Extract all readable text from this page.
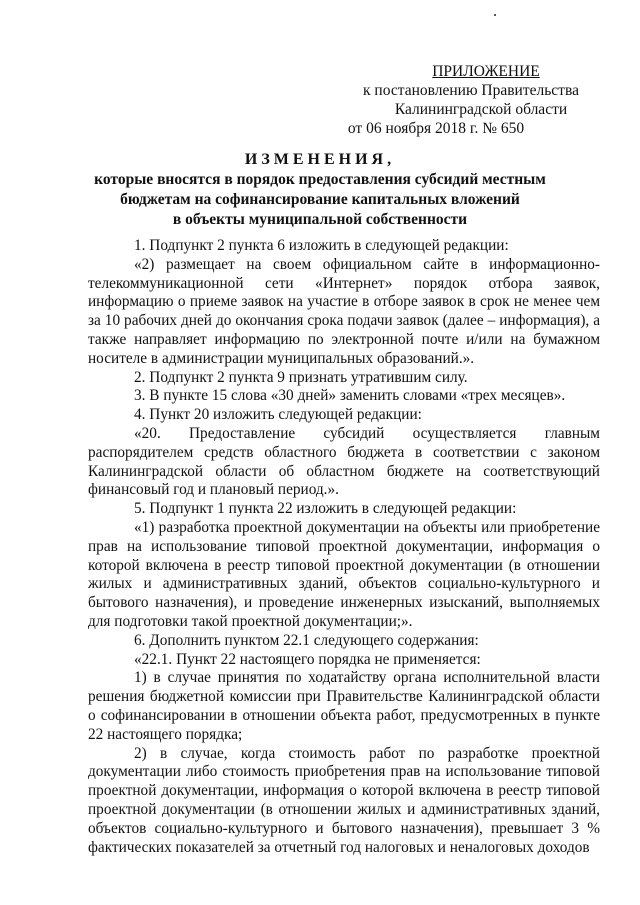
ПРИЛОЖЕНИЕ
к постановлению Правительства
Калининградской области
от 06 ноября 2018 г. № 650
ИЗМЕНЕНИЯ,
которые вносятся в порядок предоставления субсидий местным
бюджетам на софинансирование капитальных вложений
в объекты муниципальной собственности

1. Подпункт 2 пункта 6 изложить в следующей редакции:

«2) размещает на своем официальном сайте в информационно-телекоммуникационной сети «Интернет» порядок отбора заявок, информацию о приеме заявок на участие в отборе заявок в срок не менее чем за 10 рабочих дней до окончания срока подачи заявок (далее – информация), а также направляет информацию по электронной почте и/или на бумажном носителе в администрации муниципальных образований.».

2. Подпункт 2 пункта 9 признать утратившим силу.

3. В пункте 15 слова «30 дней» заменить словами «трех месяцев».

4. Пункт 20 изложить следующей редакции:

«20. Предоставление субсидий осуществляется главным распорядителем средств областного бюджета в соответствии с законом Калининградской области об областном бюджете на соответствующий финансовый год и плановый период.».

5. Подпункт 1 пункта 22 изложить в следующей редакции:

«1) разработка проектной документации на объекты или приобретение прав на использование типовой проектной документации, информация о которой включена в реестр типовой проектной документации (в отношении жилых и административных зданий, объектов социально-культурного и бытового назначения), и проведение инженерных изысканий, выполняемых для подготовки такой проектной документации;».

6. Дополнить пунктом 22.1 следующего содержания:

«22.1. Пункт 22 настоящего порядка не применяется:

1) в случае принятия по ходатайству органа исполнительной власти решения бюджетной комиссии при Правительстве Калининградской области о софинансировании в отношении объекта работ, предусмотренных в пункте 22 настоящего порядка;

2) в случае, когда стоимость работ по разработке проектной документации либо стоимость приобретения прав на использование типовой проектной документации, информация о которой включена в реестр типовой проектной документации (в отношении жилых и административных зданий, объектов социально-культурного и бытового назначения), превышает 3 % фактических показателей за отчетный год налоговых и неналоговых доходов
